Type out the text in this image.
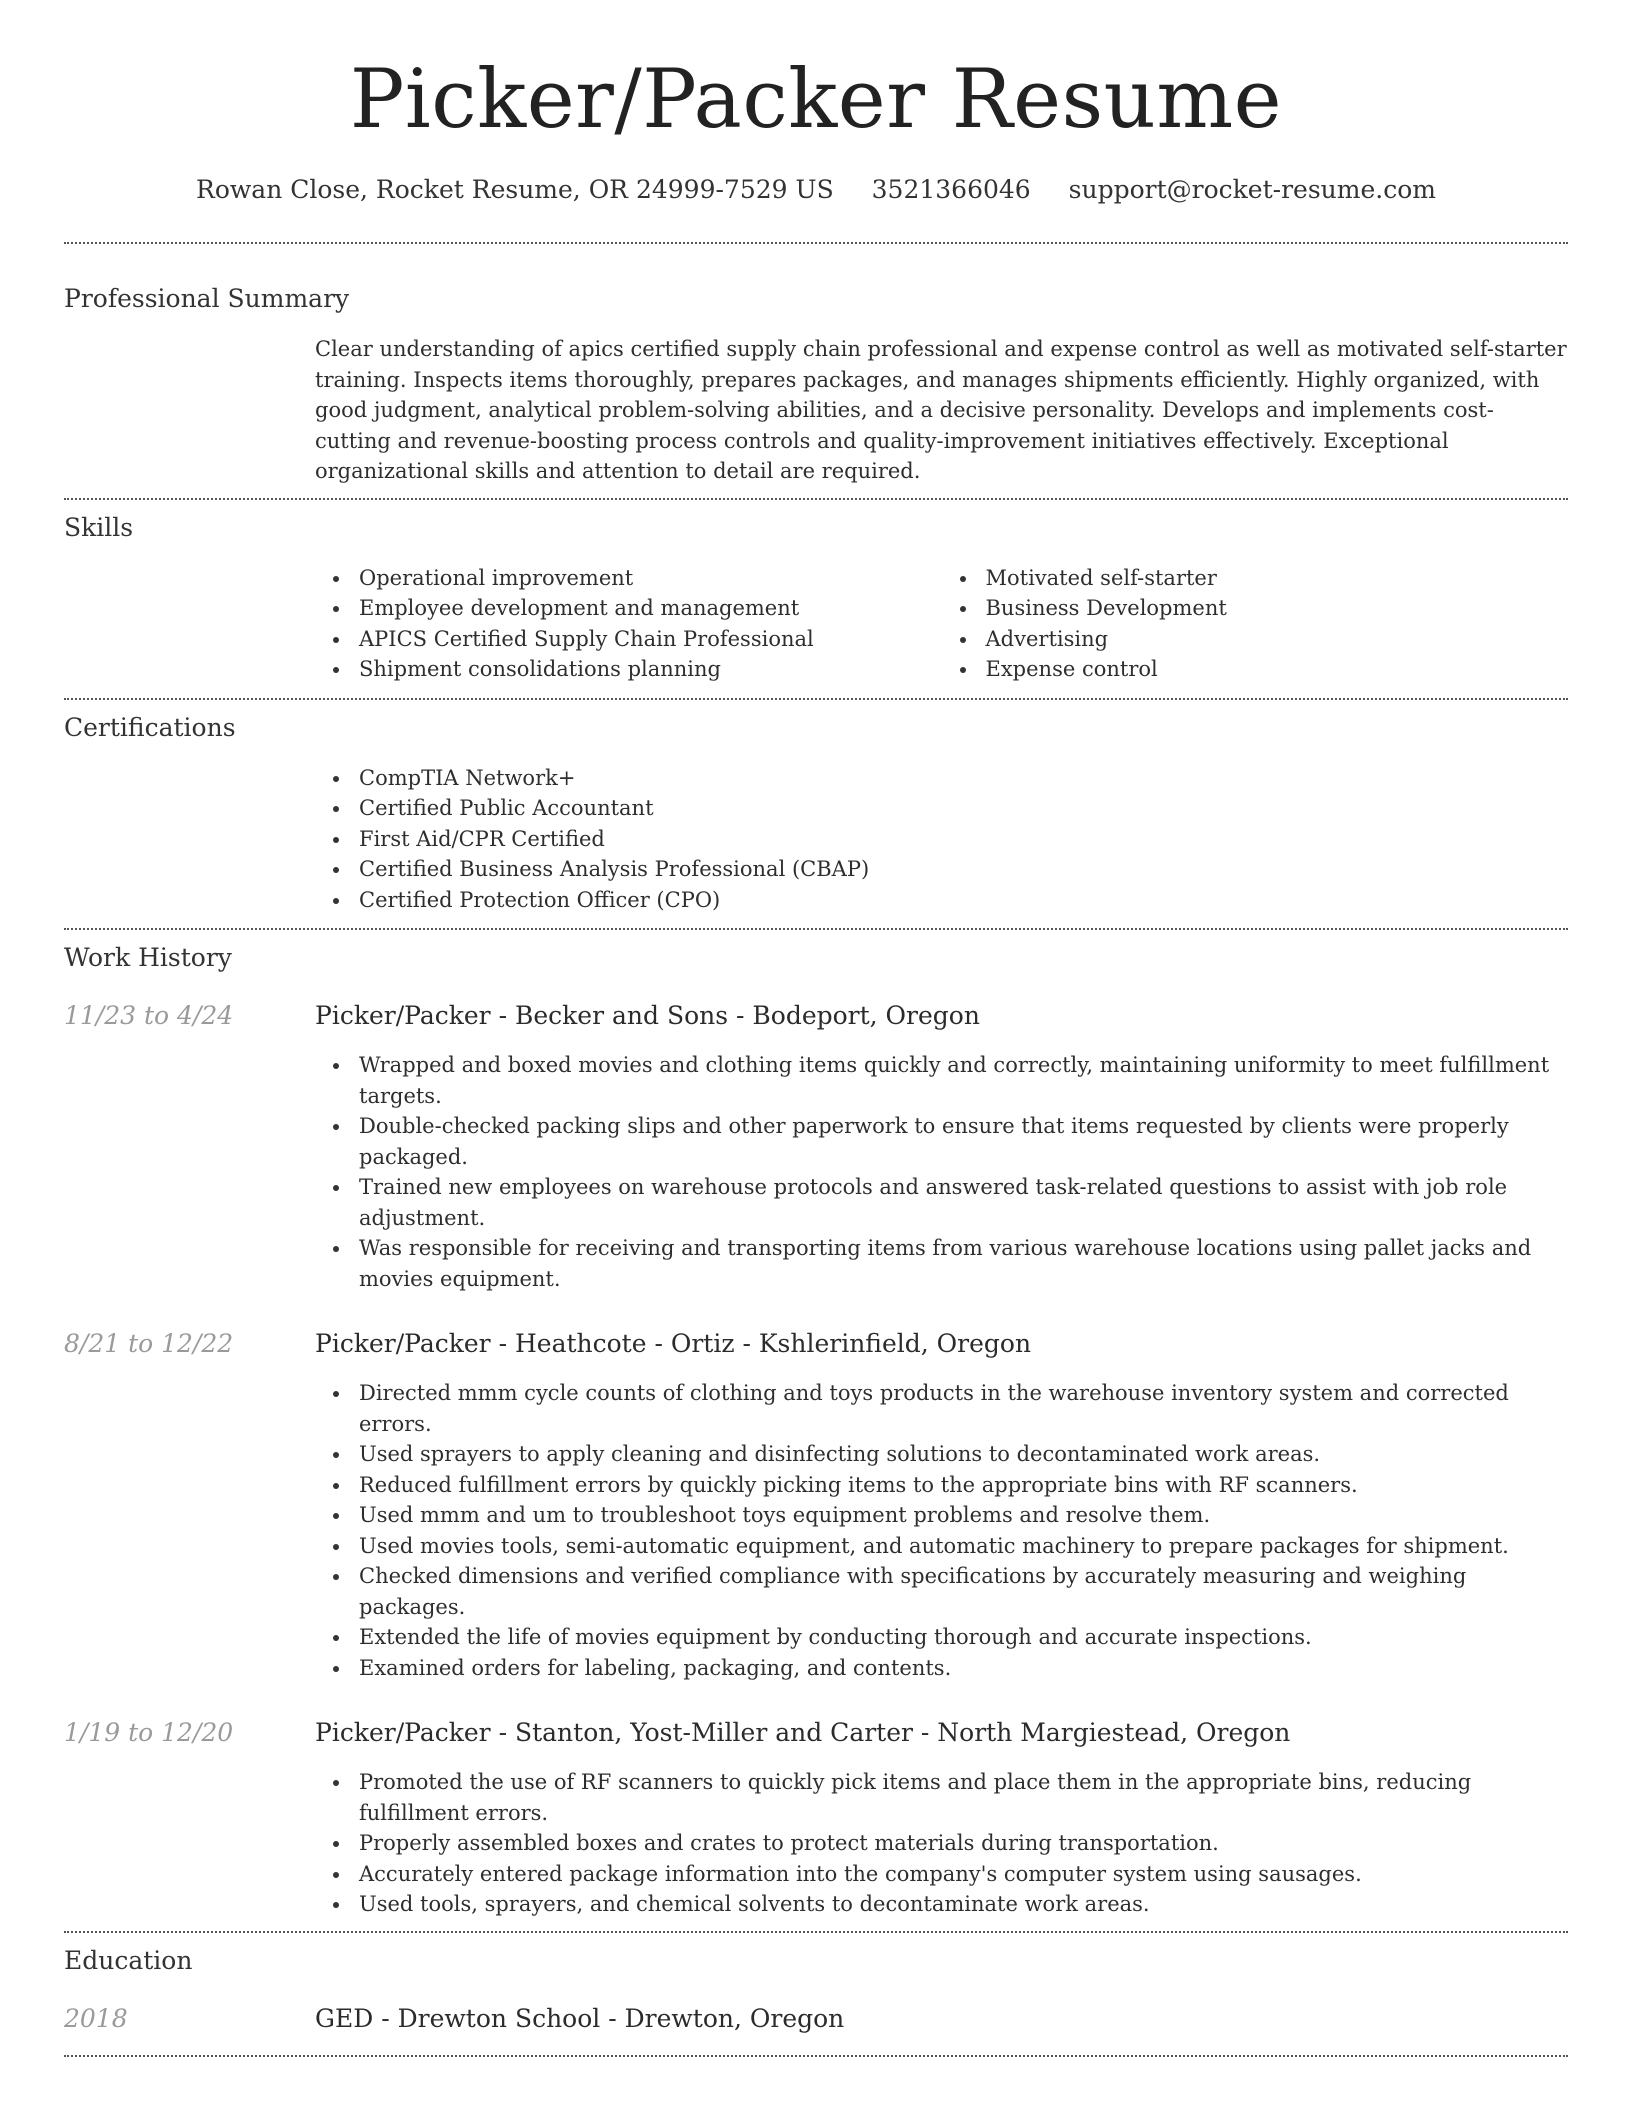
Picker/Packer Resume
Rowan Close, Rocket Resume, OR 24999-7529 US 3521366046 support@rocket-resume.com
Professional Summary
Clear understanding of apics certified supply chain professional and expense control as well as motivated self-starter training. Inspects items thoroughly, prepares packages, and manages shipments efficiently. Highly organized, with good judgment, analytical problem-solving abilities, and a decisive personality. Develops and implements cost-cutting and revenue-boosting process controls and quality-improvement initiatives effectively. Exceptional organizational skills and attention to detail are required.
Skills
Operational improvement
Employee development and management
APICS Certified Supply Chain Professional
Shipment consolidations planning
Motivated self-starter
Business Development
Advertising
Expense control
Certifications
CompTIA Network+
Certified Public Accountant
First Aid/CPR Certified
Certified Business Analysis Professional (CBAP)
Certified Protection Officer (CPO)
Work History
11/23 to 4/24	Picker/Packer - Becker and Sons - Bodeport, Oregon
Wrapped and boxed movies and clothing items quickly and correctly, maintaining uniformity to meet fulfillment targets.
Double-checked packing slips and other paperwork to ensure that items requested by clients were properly packaged.
Trained new employees on warehouse protocols and answered task-related questions to assist with job role adjustment.
Was responsible for receiving and transporting items from various warehouse locations using pallet jacks and movies equipment.
8/21 to 12/22	Picker/Packer - Heathcote - Ortiz - Kshlerinfield, Oregon
Directed mmm cycle counts of clothing and toys products in the warehouse inventory system and corrected errors.
Used sprayers to apply cleaning and disinfecting solutions to decontaminated work areas.
Reduced fulfillment errors by quickly picking items to the appropriate bins with RF scanners.
Used mmm and um to troubleshoot toys equipment problems and resolve them.
Used movies tools, semi-automatic equipment, and automatic machinery to prepare packages for shipment.
Checked dimensions and verified compliance with specifications by accurately measuring and weighing packages.
Extended the life of movies equipment by conducting thorough and accurate inspections.
Examined orders for labeling, packaging, and contents.
1/19 to 12/20	Picker/Packer - Stanton, Yost-Miller and Carter - North Margiestead, Oregon
Promoted the use of RF scanners to quickly pick items and place them in the appropriate bins, reducing fulfillment errors.
Properly assembled boxes and crates to protect materials during transportation.
Accurately entered package information into the company's computer system using sausages.
Used tools, sprayers, and chemical solvents to decontaminate work areas.
Education
2018	GED - Drewton School - Drewton, Oregon
